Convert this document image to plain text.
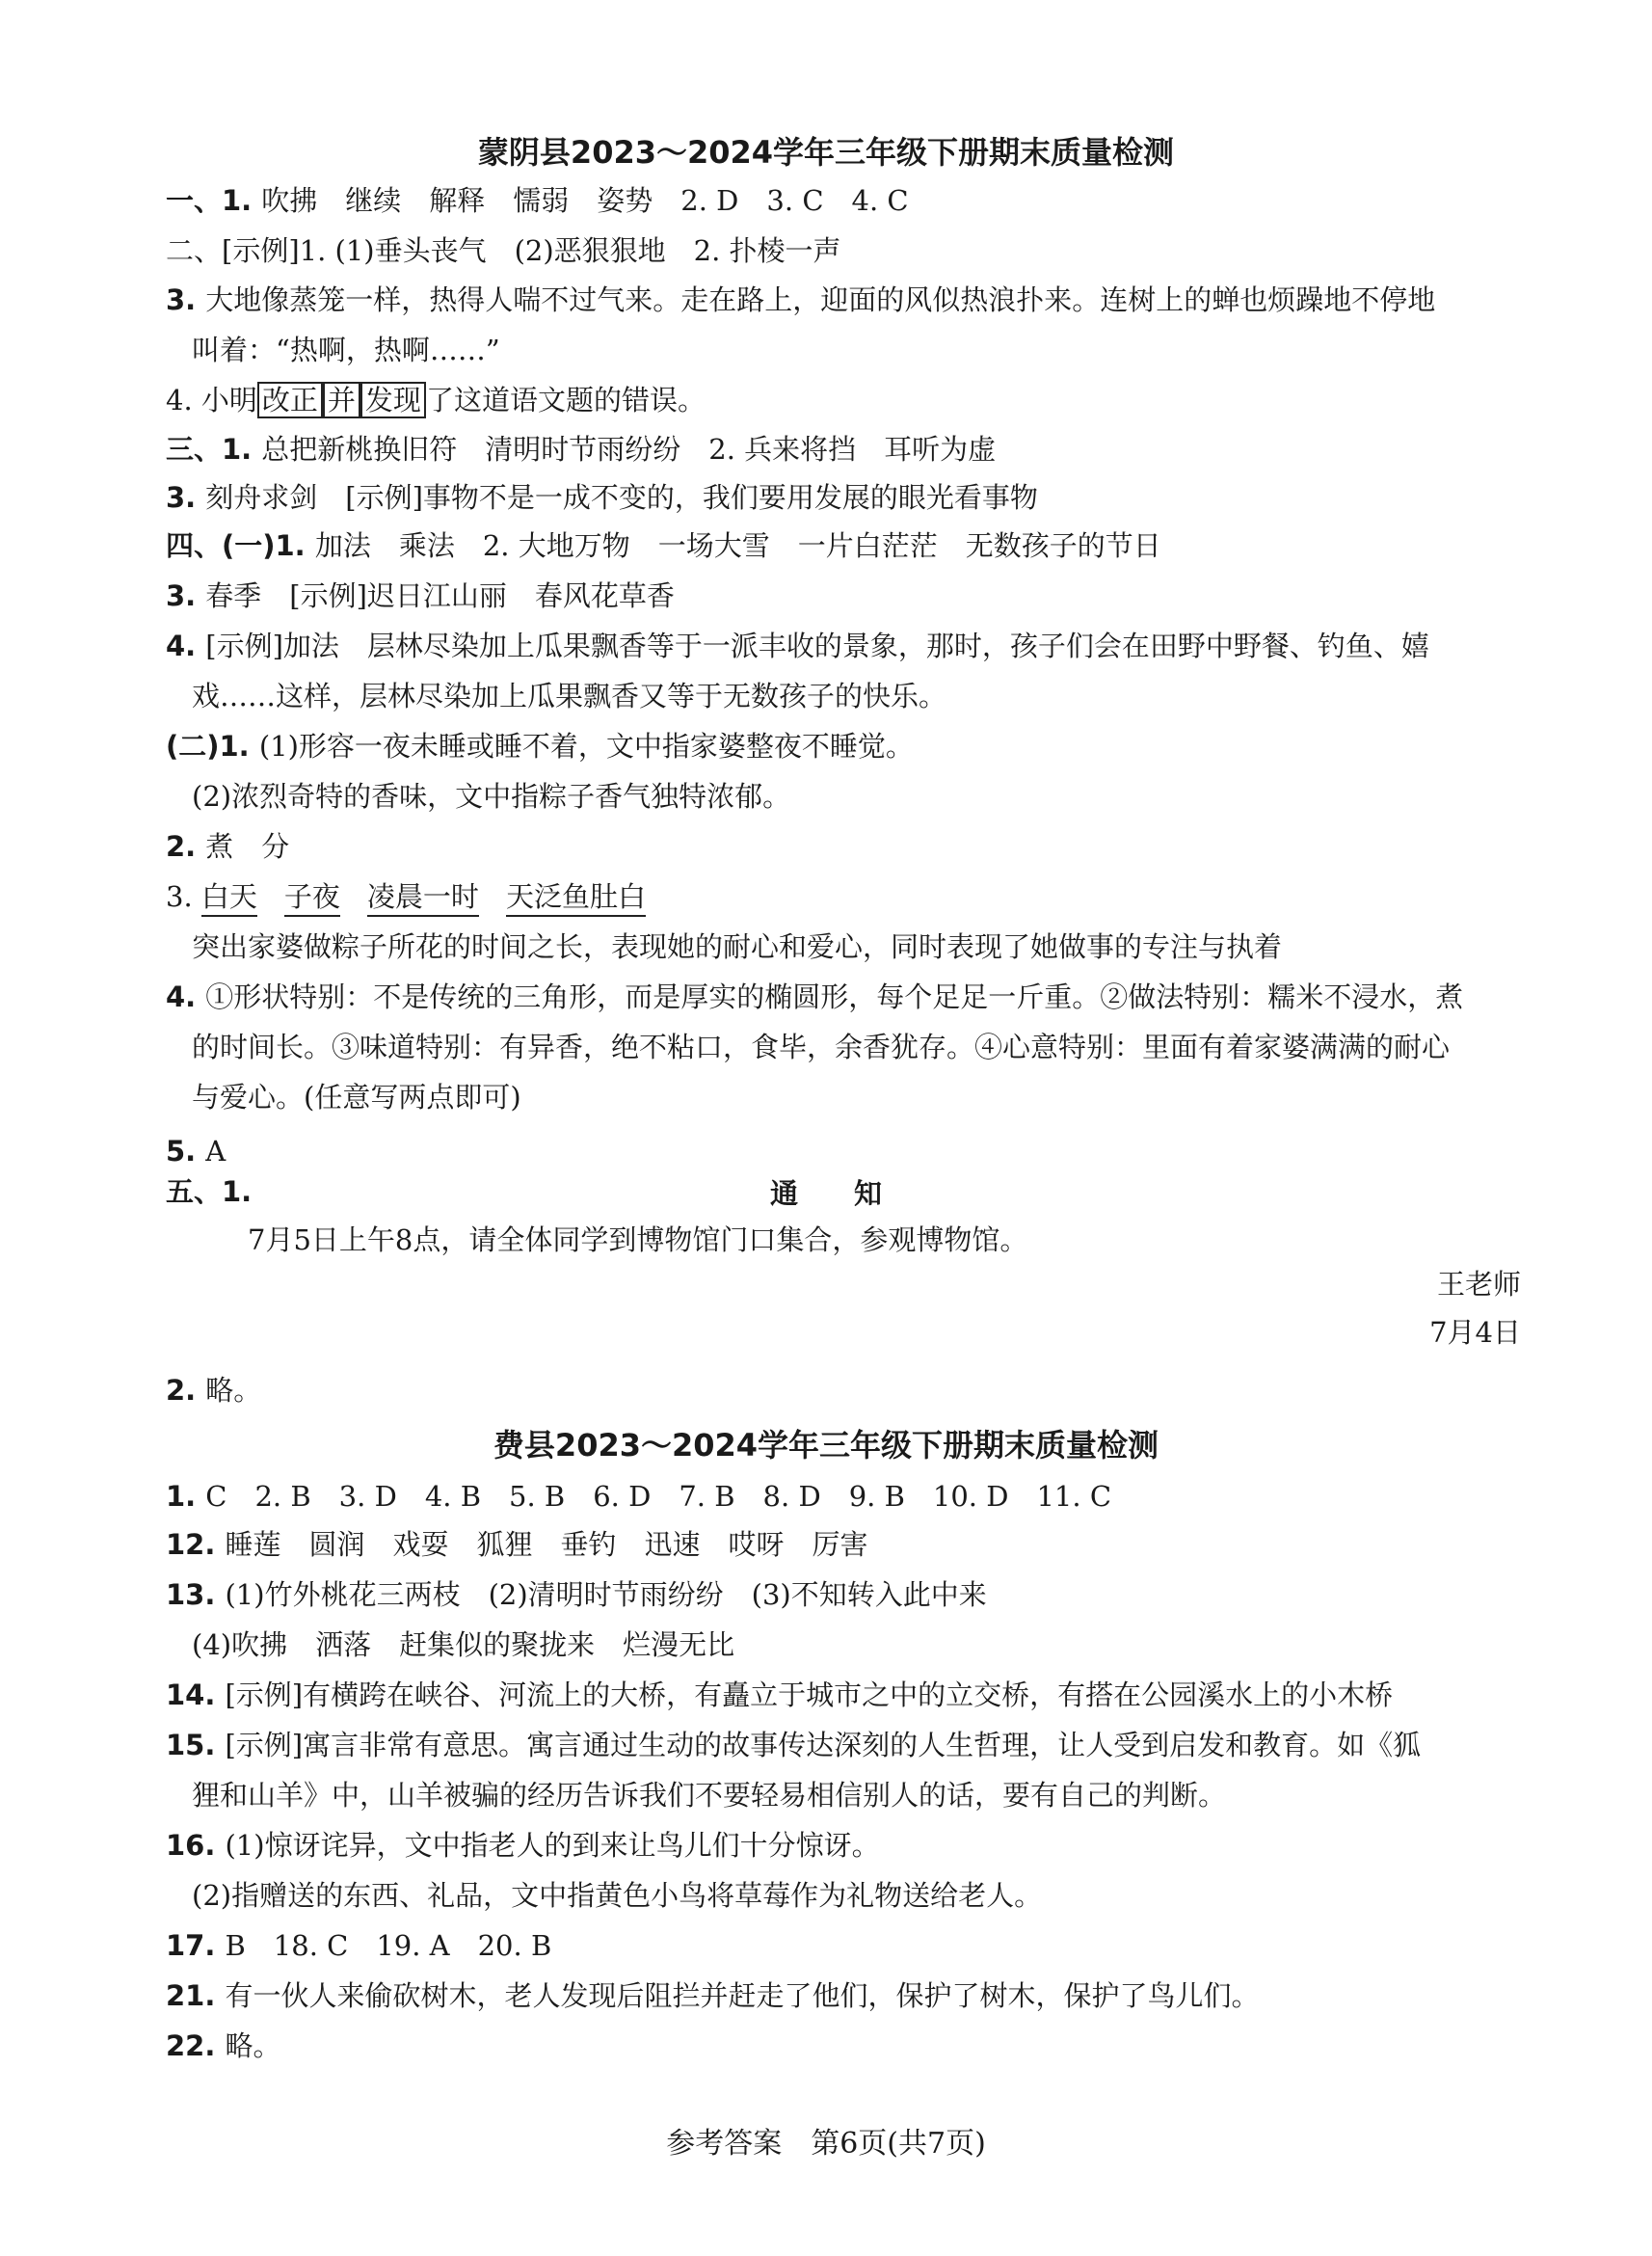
蒙阴县2023～2024学年三年级下册期末质量检测
一、1. 吹拂　继续　解释　懦弱　姿势　2. D　3. C　4. C
二、[示例]1. (1)垂头丧气　(2)恶狠狠地　2. 扑棱一声
3. 大地像蒸笼一样，热得人喘不过气来。走在路上，迎面的风似热浪扑来。连树上的蝉也烦躁地不停地
叫着：“热啊，热啊……”
4. 小明 改正 并 发现 了这道语文题的错误。
三、1. 总把新桃换旧符　清明时节雨纷纷　2. 兵来将挡　耳听为虚
3. 刻舟求剑　[示例]事物不是一成不变的，我们要用发展的眼光看事物
四、(一)1. 加法　乘法　2. 大地万物　一场大雪　一片白茫茫　无数孩子的节日
3. 春季　[示例]迟日江山丽　春风花草香
4. [示例]加法　层林尽染加上瓜果飘香等于一派丰收的景象，那时，孩子们会在田野中野餐、钓鱼、嬉
戏……这样，层林尽染加上瓜果飘香又等于无数孩子的快乐。
(二)1. (1)形容一夜未睡或睡不着，文中指家婆整夜不睡觉。
(2)浓烈奇特的香味，文中指粽子香气独特浓郁。
2. 煮　分
3. 白天 子夜 凌晨一时 天泛鱼肚白
突出家婆做粽子所花的时间之长，表现她的耐心和爱心，同时表现了她做事的专注与执着
4. ①形状特别：不是传统的三角形，而是厚实的椭圆形，每个足足一斤重。②做法特别：糯米不浸水，煮
的时间长。③味道特别：有异香，绝不粘口，食毕，余香犹存。④心意特别：里面有着家婆满满的耐心
与爱心。(任意写两点即可)
5. A
五、1.	通　　知
7月5日上午8点，请全体同学到博物馆门口集合，参观博物馆。
王老师
7月4日
2. 略。
费县2023～2024学年三年级下册期末质量检测
1. C　2. B　3. D　4. B　5. B　6. D　7. B　8. D　9. B　10. D　11. C
12. 睡莲　圆润　戏耍　狐狸　垂钓　迅速　哎呀　厉害
13. (1)竹外桃花三两枝　(2)清明时节雨纷纷　(3)不知转入此中来
(4)吹拂　洒落　赶集似的聚拢来　烂漫无比
14. [示例]有横跨在峡谷、河流上的大桥，有矗立于城市之中的立交桥，有搭在公园溪水上的小木桥
15. [示例]寓言非常有意思。寓言通过生动的故事传达深刻的人生哲理，让人受到启发和教育。如《狐
狸和山羊》中，山羊被骗的经历告诉我们不要轻易相信别人的话，要有自己的判断。
16. (1)惊讶诧异，文中指老人的到来让鸟儿们十分惊讶。
(2)指赠送的东西、礼品，文中指黄色小鸟将草莓作为礼物送给老人。
17. B　18. C　19. A　20. B
21. 有一伙人来偷砍树木，老人发现后阻拦并赶走了他们，保护了树木，保护了鸟儿们。
22. 略。
参考答案　第6页(共7页)
